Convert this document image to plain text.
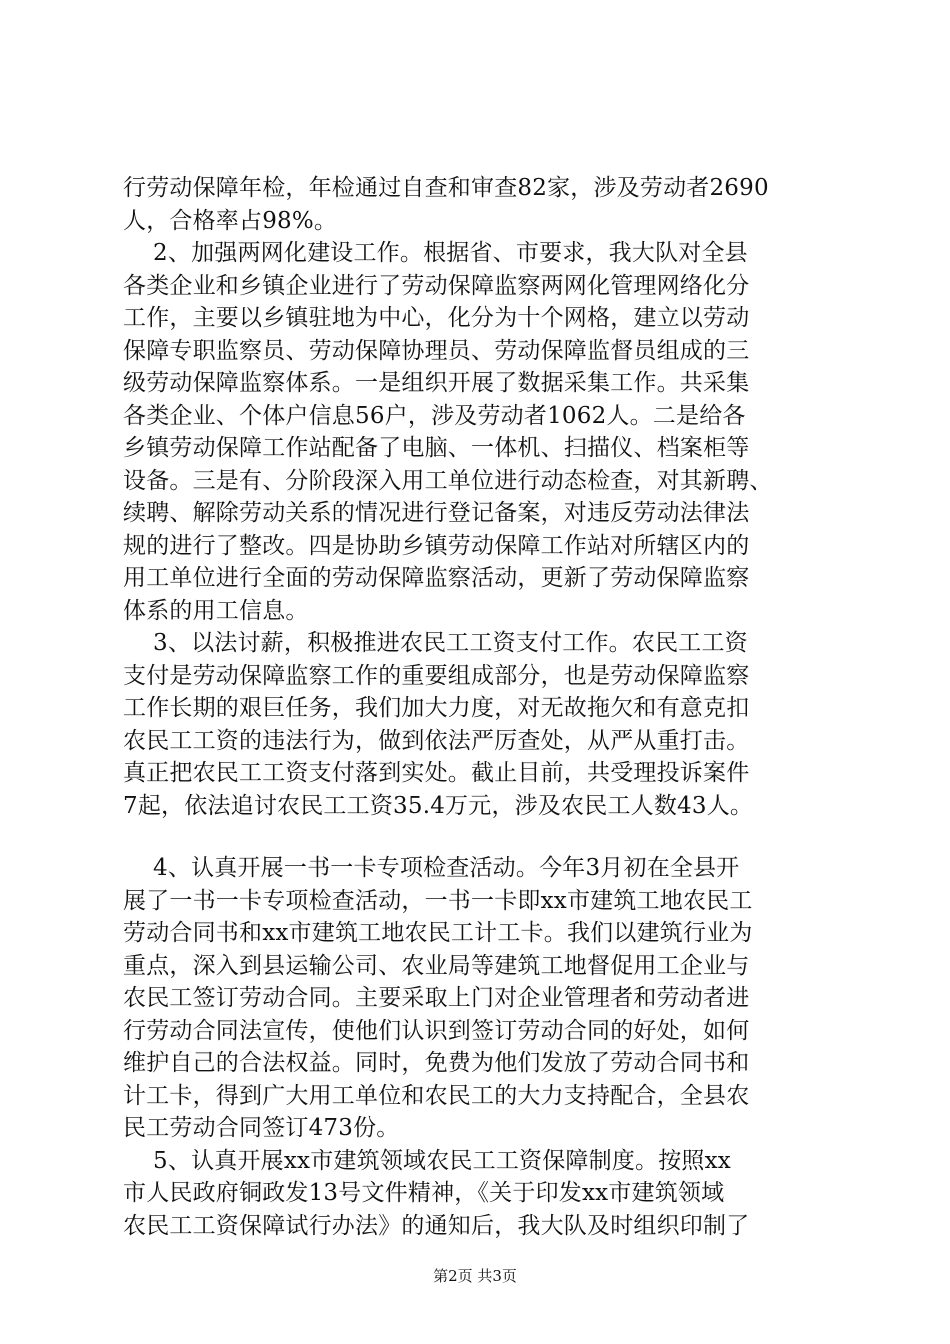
行劳动保障年检，年检通过自查和审查82家，涉及劳动者2690
人，合格率占98%。
2、加强两网化建设工作。根据省、市要求，我大队对全县
各类企业和乡镇企业进行了劳动保障监察两网化管理网络化分
工作，主要以乡镇驻地为中心，化分为十个网格，建立以劳动
保障专职监察员、劳动保障协理员、劳动保障监督员组成的三
级劳动保障监察体系。一是组织开展了数据采集工作。共采集
各类企业、个体户信息56户，涉及劳动者1062人。二是给各
乡镇劳动保障工作站配备了电脑、一体机、扫描仪、档案柜等
设备。三是有、分阶段深入用工单位进行动态检查，对其新聘、
续聘、解除劳动关系的情况进行登记备案，对违反劳动法律法
规的进行了整改。四是协助乡镇劳动保障工作站对所辖区内的
用工单位进行全面的劳动保障监察活动，更新了劳动保障监察
体系的用工信息。
3、以法讨薪，积极推进农民工工资支付工作。农民工工资
支付是劳动保障监察工作的重要组成部分，也是劳动保障监察
工作长期的艰巨任务，我们加大力度，对无故拖欠和有意克扣
农民工工资的违法行为，做到依法严厉查处，从严从重打击。
真正把农民工工资支付落到实处。截止目前，共受理投诉案件
7起，依法追讨农民工工资35.4万元，涉及农民工人数43人。
4、认真开展一书一卡专项检查活动。今年3月初在全县开
展了一书一卡专项检查活动，一书一卡即xx市建筑工地农民工
劳动合同书和xx市建筑工地农民工计工卡。我们以建筑行业为
重点，深入到县运输公司、农业局等建筑工地督促用工企业与
农民工签订劳动合同。主要采取上门对企业管理者和劳动者进
行劳动合同法宣传，使他们认识到签订劳动合同的好处，如何
维护自己的合法权益。同时，免费为他们发放了劳动合同书和
计工卡，得到广大用工单位和农民工的大力支持配合，全县农
民工劳动合同签订473份。
5、认真开展xx市建筑领域农民工工资保障制度。按照xx
市人民政府铜政发13号文件精神，《关于印发xx市建筑领域
农民工工资保障试行办法》的通知后，我大队及时组织印制了
第2页 共3页
